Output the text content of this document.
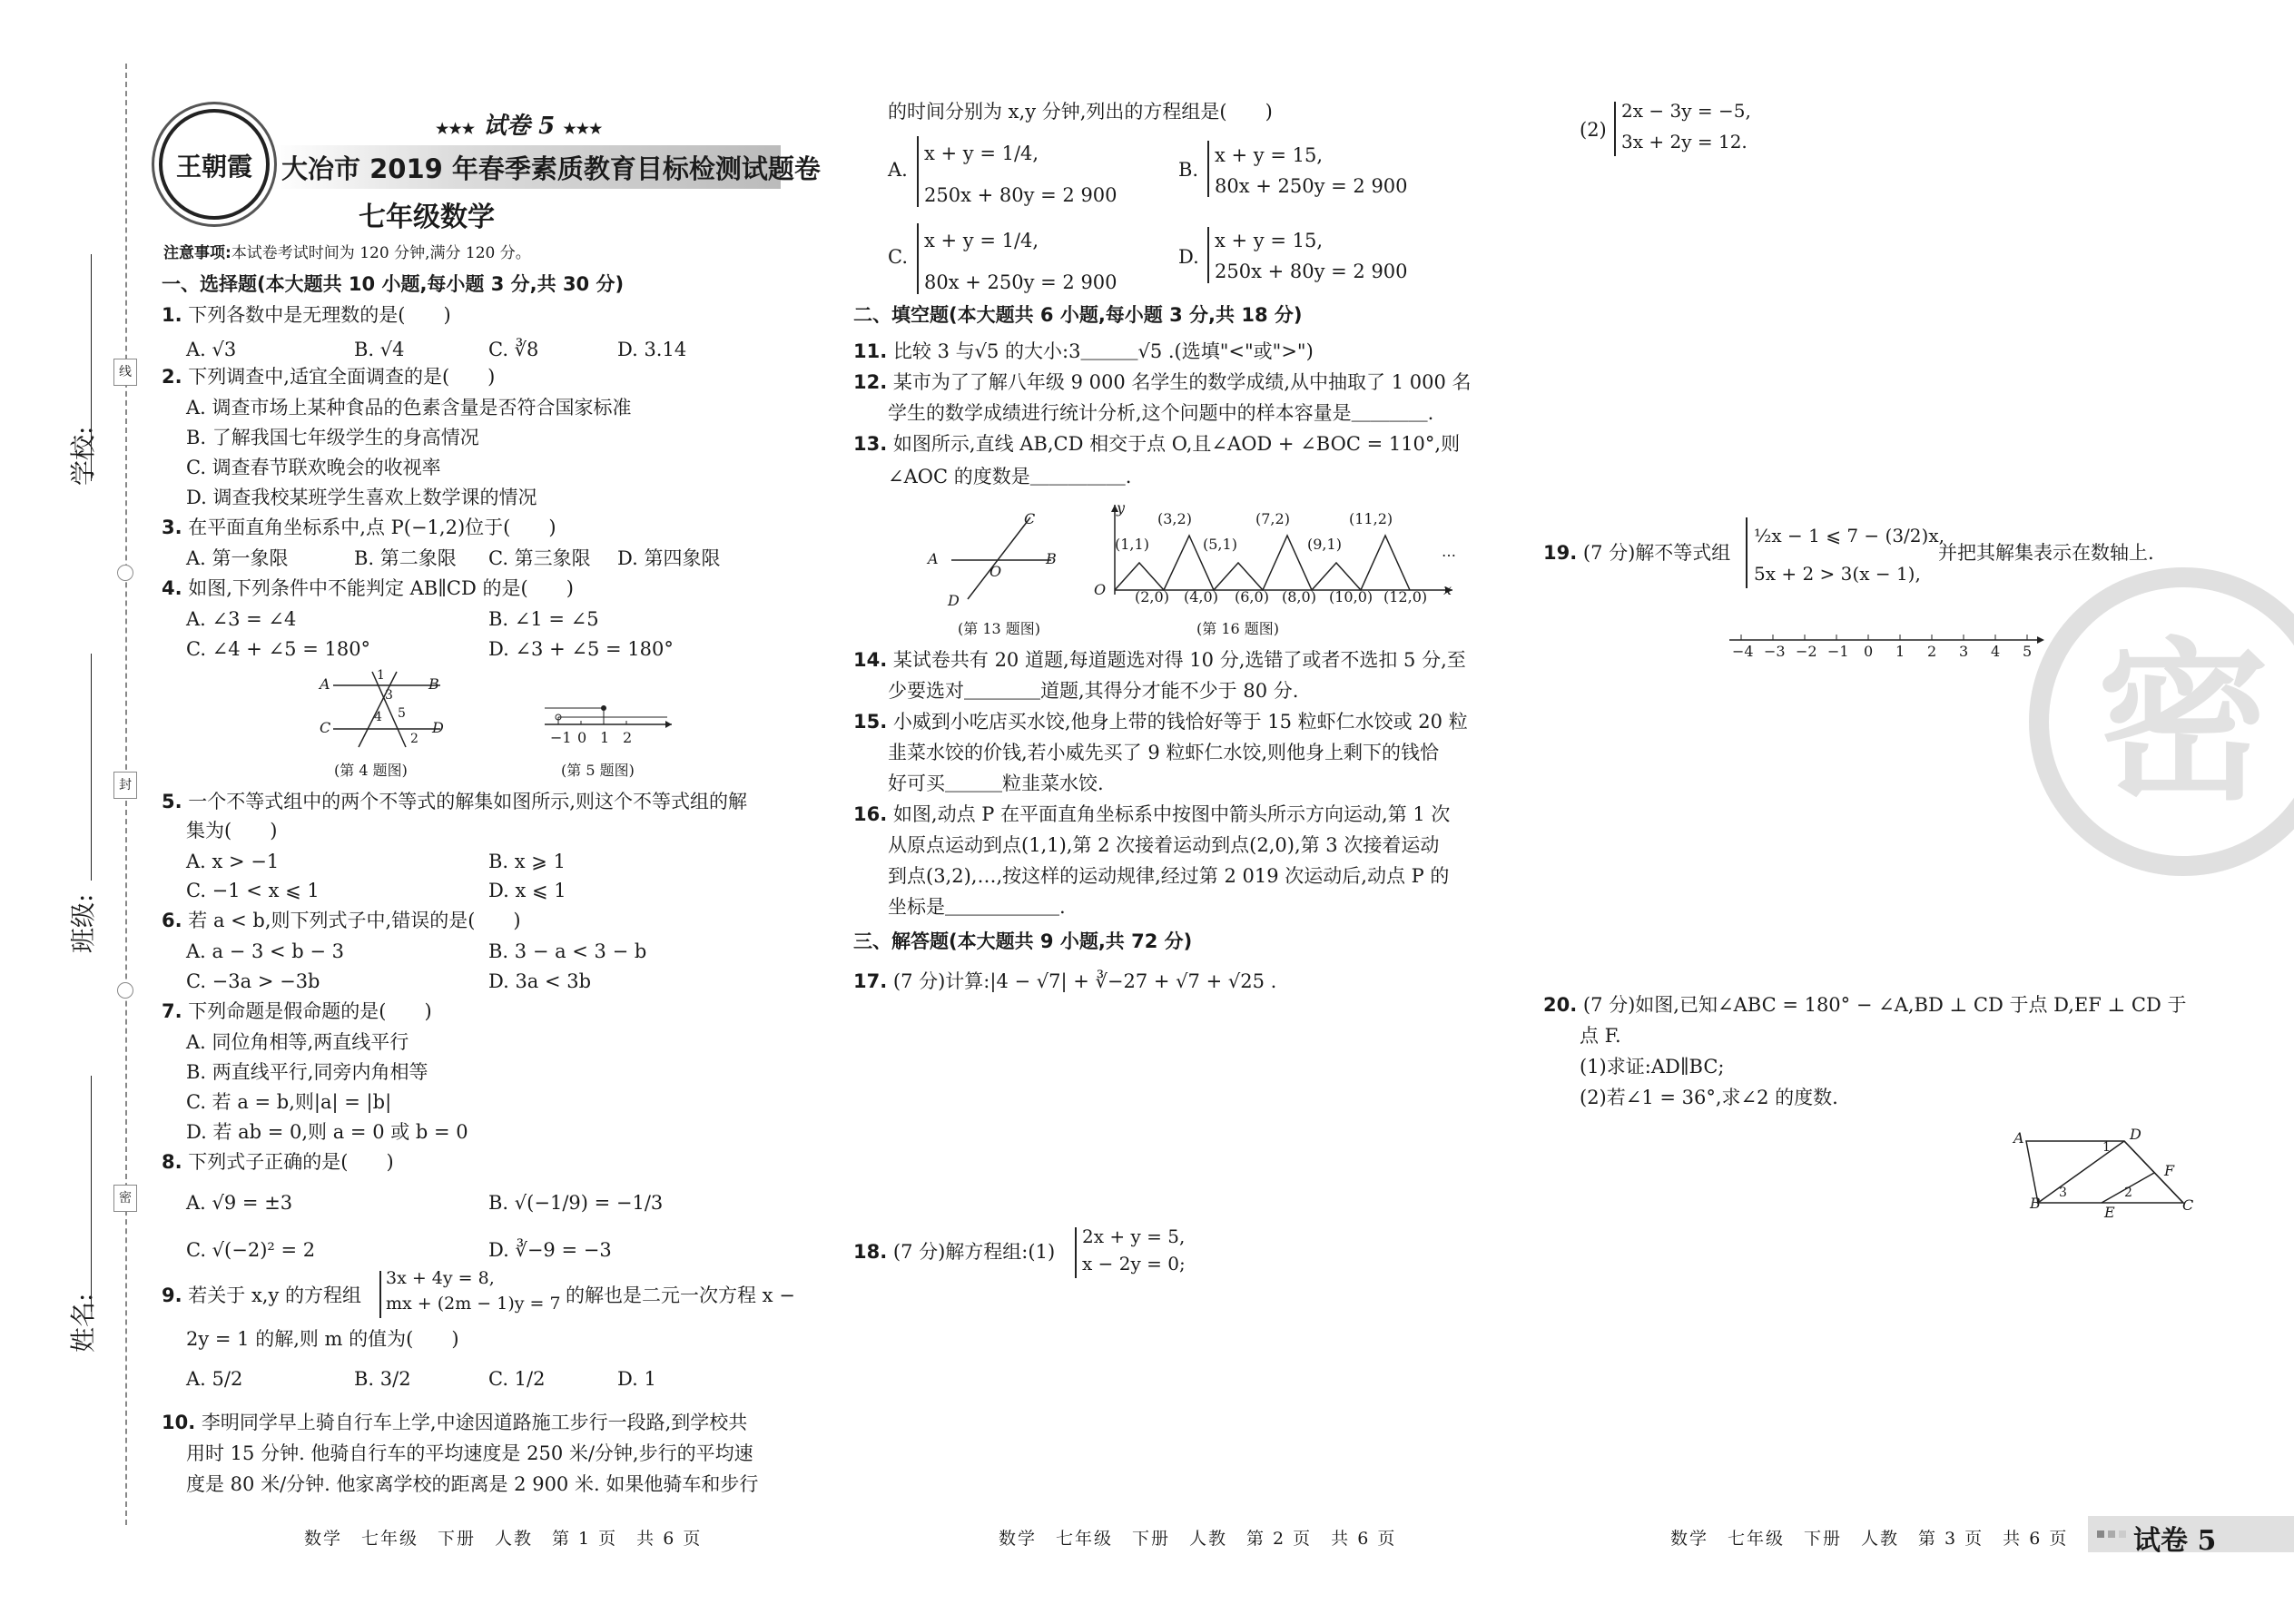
线
封
密
学校:
班级:
姓名:
★★★ 试卷 5 ★★★
王朝霞	大冶市 2019 年春季素质教育目标检测试题卷
七年级数学
注意事项:本试卷考试时间为 120 分钟,满分 120 分。
一、选择题(本大题共 10 小题,每小题 3 分,共 30 分)
1. 下列各数中是无理数的是(　　)
A. √3	B. √4	C. ∛8	D. 3.14
2. 下列调查中,适宜全面调查的是(　　)
A. 调查市场上某种食品的色素含量是否符合国家标准
B. 了解我国七年级学生的身高情况
C. 调查春节联欢晚会的收视率
D. 调查我校某班学生喜欢上数学课的情况
3. 在平面直角坐标系中,点 P(−1,2)位于(　　)
A. 第一象限	B. 第二象限 C. 第三象限 D. 第四象限
4. 如图,下列条件中不能判定 AB∥CD 的是(　　)
A. ∠3 = ∠4	B. ∠1 = ∠5
C. ∠4 + ∠5 = 180°	D. ∠3 + ∠5 = 180°
A	B
C	D
1
3
4 5
2
(第 4 题图)
−1 0 1 2
(第 5 题图)
5. 一个不等式组中的两个不等式的解集如图所示,则这个不等式组的解
集为(　　)
A. x > −1	B. x ⩾ 1
C. −1 < x ⩽ 1	D. x ⩽ 1
6. 若 a < b,则下列式子中,错误的是(　　)
A. a − 3 < b − 3	B. 3 − a < 3 − b
C. −3a > −3b	D. 3a < 3b
7. 下列命题是假命题的是(　　)
A. 同位角相等,两直线平行
B. 两直线平行,同旁内角相等
C. 若 a = b,则|a| = |b|
D. 若 ab = 0,则 a = 0 或 b = 0
8. 下列式子正确的是(　　)
A. √9 = ±3	B. √(−1/9) = −1/3
C. √(−2)² = 2	D. ∛−9 = −3
9. 若关于 x,y 的方程组
3x + 4y = 8,
mx + (2m − 1)y = 7 的解也是二元一次方程 x −
2y = 1 的解,则 m 的值为(　　)
A. 5/2	B. 3/2	C. 1/2	D. 1
10. 李明同学早上骑自行车上学,中途因道路施工步行一段路,到学校共
用时 15 分钟. 他骑自行车的平均速度是 250 米/分钟,步行的平均速
度是 80 米/分钟. 他家离学校的距离是 2 900 米. 如果他骑车和步行
数学　七年级　下册　人教　第 1 页　共 6 页
的时间分别为 x,y 分钟,列出的方程组是(　　)
A.
x + y = 1/4,
250x + 80y = 2 900
B.
x + y = 15,
80x + 250y = 2 900
C.
x + y = 1/4,
80x + 250y = 2 900
D.
x + y = 15,
250x + 80y = 2 900
二、填空题(本大题共 6 小题,每小题 3 分,共 18 分)
11. 比较 3 与√5 的大小:3＿＿＿√5 .(选填"<"或">")
12. 某市为了了解八年级 9 000 名学生的数学成绩,从中抽取了 1 000 名
学生的数学成绩进行统计分析,这个问题中的样本容量是＿＿＿＿.
13. 如图所示,直线 AB,CD 相交于点 O,且∠AOD + ∠BOC = 110°,则
∠AOC 的度数是＿＿＿＿＿.
A	B
C
D
O
(第 13 题图)
y
x
O
(1,1)
(3,2)
(5,1)
(7,2)
(9,1)
(11,2)
(2,0) (4,0) (6,0) (8,0) (10,0) (12,0)
…
(第 16 题图)
14. 某试卷共有 20 道题,每道题选对得 10 分,选错了或者不选扣 5 分,至
少要选对＿＿＿＿道题,其得分才能不少于 80 分.
15. 小威到小吃店买水饺,他身上带的钱恰好等于 15 粒虾仁水饺或 20 粒
韭菜水饺的价钱,若小威先买了 9 粒虾仁水饺,则他身上剩下的钱恰
好可买＿＿＿粒韭菜水饺.
16. 如图,动点 P 在平面直角坐标系中按图中箭头所示方向运动,第 1 次
从原点运动到点(1,1),第 2 次接着运动到点(2,0),第 3 次接着运动
到点(3,2),…,按这样的运动规律,经过第 2 019 次运动后,动点 P 的
坐标是＿＿＿＿＿＿.
三、解答题(本大题共 9 小题,共 72 分)
17. (7 分)计算:|4 − √7| + ∛−27 + √7 + √25 .
18. (7 分)解方程组:(1)
2x + y = 5,
x − 2y = 0;
数学　七年级　下册　人教　第 2 页　共 6 页
(2)
2x − 3y = −5,
3x + 2y = 12.
19. (7 分)解不等式组
½x − 1 ⩽ 7 − (3/2)x,
5x + 2 > 3(x − 1),
并把其解集表示在数轴上.
−4 −3 −2 −1 0 1 2 3 4 5
20. (7 分)如图,已知∠ABC = 180° − ∠A,BD ⊥ CD 于点 D,EF ⊥ CD 于
点 F.
(1)求证:AD∥BC;
(2)若∠1 = 36°,求∠2 的度数.
A	D
F
B
E	C
1
3	2
密
数学　七年级　下册　人教　第 3 页　共 6 页 试卷 5
